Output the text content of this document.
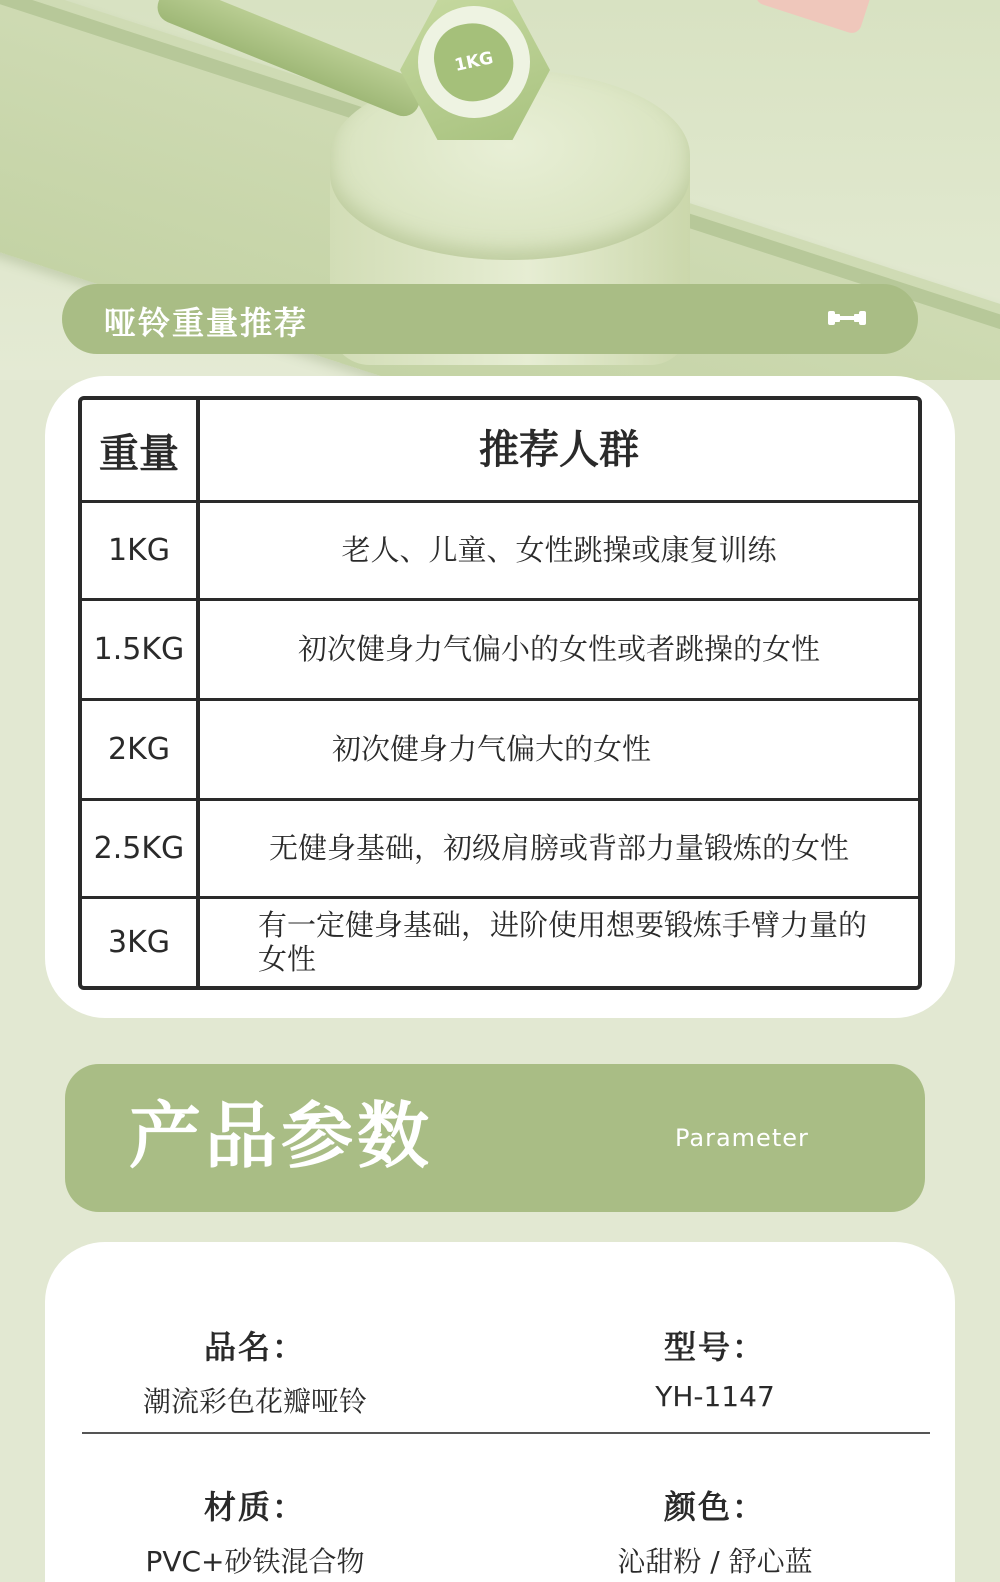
1KG
哑铃重量推荐
重量	推荐人群
1KG	老人、儿童、女性跳操或康复训练
1.5KG	初次健身力气偏小的女性或者跳操的女性
2KG	初次健身力气偏大的女性
2.5KG	无健身基础，初级肩膀或背部力量锻炼的女性
3KG	有一定健身基础，进阶使用想要锻炼手臂力量的女性
产品参数	Parameter
品名：
潮流彩色花瓣哑铃
型号：
YH-1147
材质：
PVC+砂铁混合物
颜色：
沁甜粉 / 舒心蓝
